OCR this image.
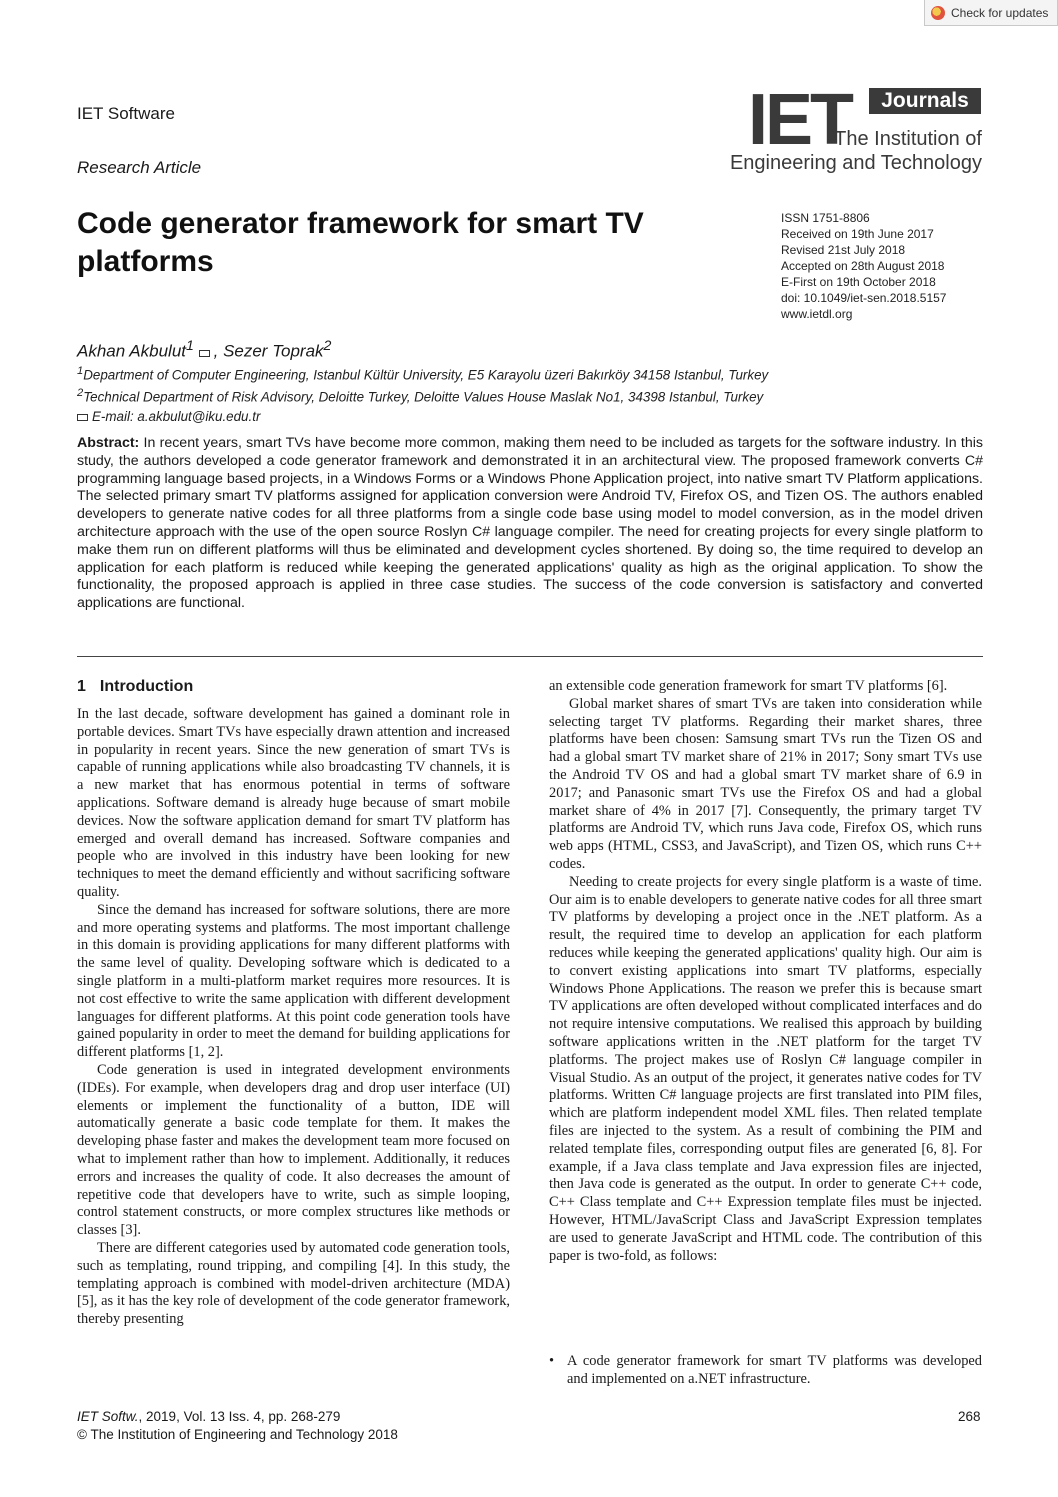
Check for updates
IET Software
Research Article
Code generator framework for smart TV platforms
IET	Journals
The Institution of
Engineering and Technology
ISSN 1751-8806
Received on 19th June 2017
Revised 21st July 2018
Accepted on 28th August 2018
E-First on 19th October 2018
doi: 10.1049/iet-sen.2018.5157
www.ietdl.org
Akhan Akbulut$^1$ , Sezer Toprak$^2$
$^1$Department of Computer Engineering, Istanbul Kültür University, E5 Karayolu üzeri Bakırköy 34158 Istanbul, Turkey
$^2$Technical Department of Risk Advisory, Deloitte Turkey, Deloitte Values House Maslak No1, 34398 Istanbul, Turkey
E-mail: a.akbulut@iku.edu.tr
Abstract: In recent years, smart TVs have become more common, making them need to be included as targets for the software industry. In this study, the authors developed a code generator framework and demonstrated it in an architectural view. The proposed framework converts C# programming language based projects, in a Windows Forms or a Windows Phone Application project, into native smart TV Platform applications. The selected primary smart TV platforms assigned for application conversion were Android TV, Firefox OS, and Tizen OS. The authors enabled developers to generate native codes for all three platforms from a single code base using model to model conversion, as in the model driven architecture approach with the use of the open source Roslyn C# language compiler. The need for creating projects for every single platform to make them run on different platforms will thus be eliminated and development cycles shortened. By doing so, the time required to develop an application for each platform is reduced while keeping the generated applications' quality as high as the original application. To show the functionality, the proposed approach is applied in three case studies. The success of the code conversion is satisfactory and converted applications are functional.
1 Introduction

In the last decade, software development has gained a dominant role in portable devices. Smart TVs have especially drawn attention and increased in popularity in recent years. Since the new generation of smart TVs is capable of running applications while also broadcasting TV channels, it is a new market that has enormous potential in terms of software applications. Software demand is already huge because of smart mobile devices. Now the software application demand for smart TV platform has emerged and overall demand has increased. Software companies and people who are involved in this industry have been looking for new techniques to meet the demand efficiently and without sacrificing software quality.

Since the demand has increased for software solutions, there are more and more operating systems and platforms. The most important challenge in this domain is providing applications for many different platforms with the same level of quality. Developing software which is dedicated to a single platform in a multi-platform market requires more resources. It is not cost effective to write the same application with different development languages for different platforms. At this point code generation tools have gained popularity in order to meet the demand for building applications for different platforms [1, 2].

Code generation is used in integrated development environments (IDEs). For example, when developers drag and drop user interface (UI) elements or implement the functionality of a button, IDE will automatically generate a basic code template for them. It makes the developing phase faster and makes the development team more focused on what to implement rather than how to implement. Additionally, it reduces errors and increases the quality of code. It also decreases the amount of repetitive code that developers have to write, such as simple looping, control statement constructs, or more complex structures like methods or classes [3].

There are different categories used by automated code generation tools, such as templating, round tripping, and compiling [4]. In this study, the templating approach is combined with model-driven architecture (MDA) [5], as it has the key role of development of the code generator framework, thereby presenting

an extensible code generation framework for smart TV platforms [6].

Global market shares of smart TVs are taken into consideration while selecting target TV platforms. Regarding their market shares, three platforms have been chosen: Samsung smart TVs run the Tizen OS and had a global smart TV market share of 21% in 2017; Sony smart TVs use the Android TV OS and had a global smart TV market share of 6.9 in 2017; and Panasonic smart TVs use the Firefox OS and had a global market share of 4% in 2017 [7]. Consequently, the primary target TV platforms are Android TV, which runs Java code, Firefox OS, which runs web apps (HTML, CSS3, and JavaScript), and Tizen OS, which runs C++ codes.

Needing to create projects for every single platform is a waste of time. Our aim is to enable developers to generate native codes for all three smart TV platforms by developing a project once in the .NET platform. As a result, the required time to develop an application for each platform reduces while keeping the generated applications' quality high. Our aim is to convert existing applications into smart TV platforms, especially Windows Phone Applications. The reason we prefer this is because smart TV applications are often developed without complicated interfaces and do not require intensive computations. We realised this approach by building software applications written in the .NET platform for the target TV platforms. The project makes use of Roslyn C# language compiler in Visual Studio. As an output of the project, it generates native codes for TV platforms. Written C# language projects are first translated into PIM files, which are platform independent model XML files. Then related template files are injected to the system. As a result of combining the PIM and related template files, corresponding output files are generated [6, 8]. For example, if a Java class template and Java expression files are injected, then Java code is generated as the output. In order to generate C++ code, C++ Class template and C++ Expression template files must be injected. However, HTML/JavaScript Class and JavaScript Expression templates are used to generate JavaScript and HTML code. The contribution of this paper is two-fold, as follows:

• A code generator framework for smart TV platforms was developed and implemented on a.NET infrastructure.
IET Softw., 2019, Vol. 13 Iss. 4, pp. 268-279
© The Institution of Engineering and Technology 2018
268
